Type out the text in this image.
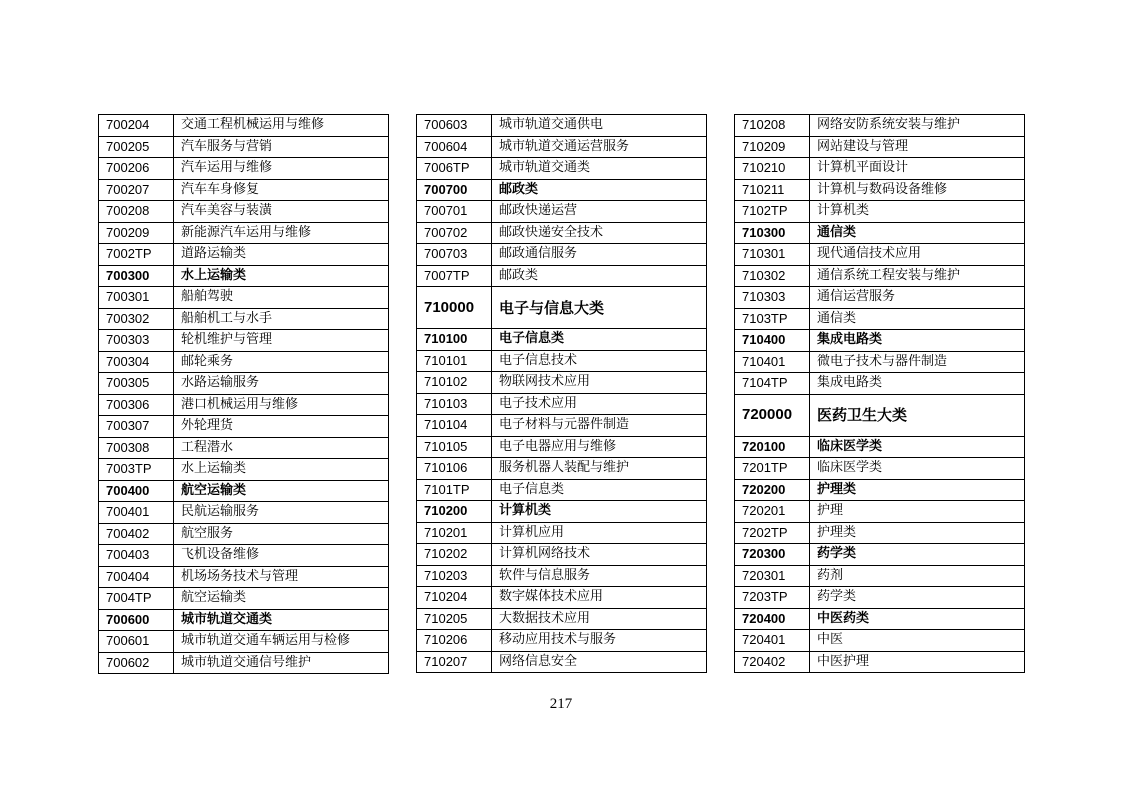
700204	交通工程机械运用与维修
700205	汽车服务与营销
700206	汽车运用与维修
700207	汽车车身修复
700208	汽车美容与装潢
700209	新能源汽车运用与维修
7002TP	道路运输类
700300	水上运输类
700301	船舶驾驶
700302	船舶机工与水手
700303	轮机维护与管理
700304	邮轮乘务
700305	水路运输服务
700306	港口机械运用与维修
700307	外轮理货
700308	工程潜水
7003TP	水上运输类
700400	航空运输类
700401	民航运输服务
700402	航空服务
700403	飞机设备维修
700404	机场场务技术与管理
7004TP	航空运输类
700600	城市轨道交通类
700601	城市轨道交通车辆运用与检修
700602	城市轨道交通信号维护
700603	城市轨道交通供电
700604	城市轨道交通运营服务
7006TP	城市轨道交通类
700700	邮政类
700701	邮政快递运营
700702	邮政快递安全技术
700703	邮政通信服务
7007TP	邮政类
710000	电子与信息大类
710100	电子信息类
710101	电子信息技术
710102	物联网技术应用
710103	电子技术应用
710104	电子材料与元器件制造
710105	电子电器应用与维修
710106	服务机器人装配与维护
7101TP	电子信息类
710200	计算机类
710201	计算机应用
710202	计算机网络技术
710203	软件与信息服务
710204	数字媒体技术应用
710205	大数据技术应用
710206	移动应用技术与服务
710207	网络信息安全
710208	网络安防系统安装与维护
710209	网站建设与管理
710210	计算机平面设计
710211	计算机与数码设备维修
7102TP	计算机类
710300	通信类
710301	现代通信技术应用
710302	通信系统工程安装与维护
710303	通信运营服务
7103TP	通信类
710400	集成电路类
710401	微电子技术与器件制造
7104TP	集成电路类
720000	医药卫生大类
720100	临床医学类
7201TP	临床医学类
720200	护理类
720201	护理
7202TP	护理类
720300	药学类
720301	药剂
7203TP	药学类
720400	中医药类
720401	中医
720402	中医护理
217
